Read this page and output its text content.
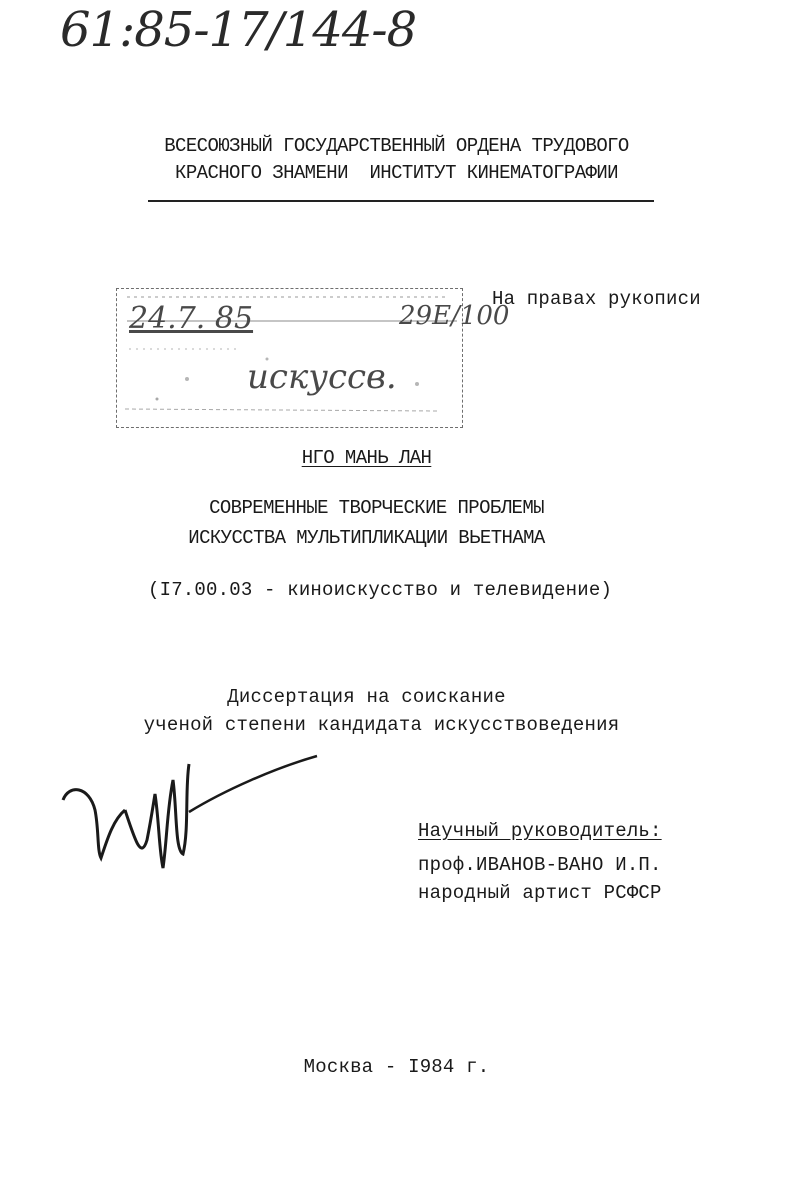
61:85-17/144-8
ВСЕСОЮЗНЫЙ ГОСУДАРСТВЕННЫЙ ОРДЕНА ТРУДОВОГО
КРАСНОГО ЗНАМЕНИ  ИНСТИТУТ КИНЕМАТОГРАФИИ
24.7. 85	29Е/100
искуссв.
На правах рукописи
НГО МАНЬ ЛАН
СОВРЕМЕННЫЕ ТВОРЧЕСКИЕ ПРОБЛЕМЫ
ИСКУССТВА МУЛЬТИПЛИКАЦИИ ВЬЕТНАМА
(I7.00.03 - киноискусство и телевидение)
Диссертация на соискание
ученой степени кандидата искусствоведения
Научный руководитель:
проф.ИВАНОВ-ВАНО И.П.
народный артист РСФСР
Москва - I984 г.
